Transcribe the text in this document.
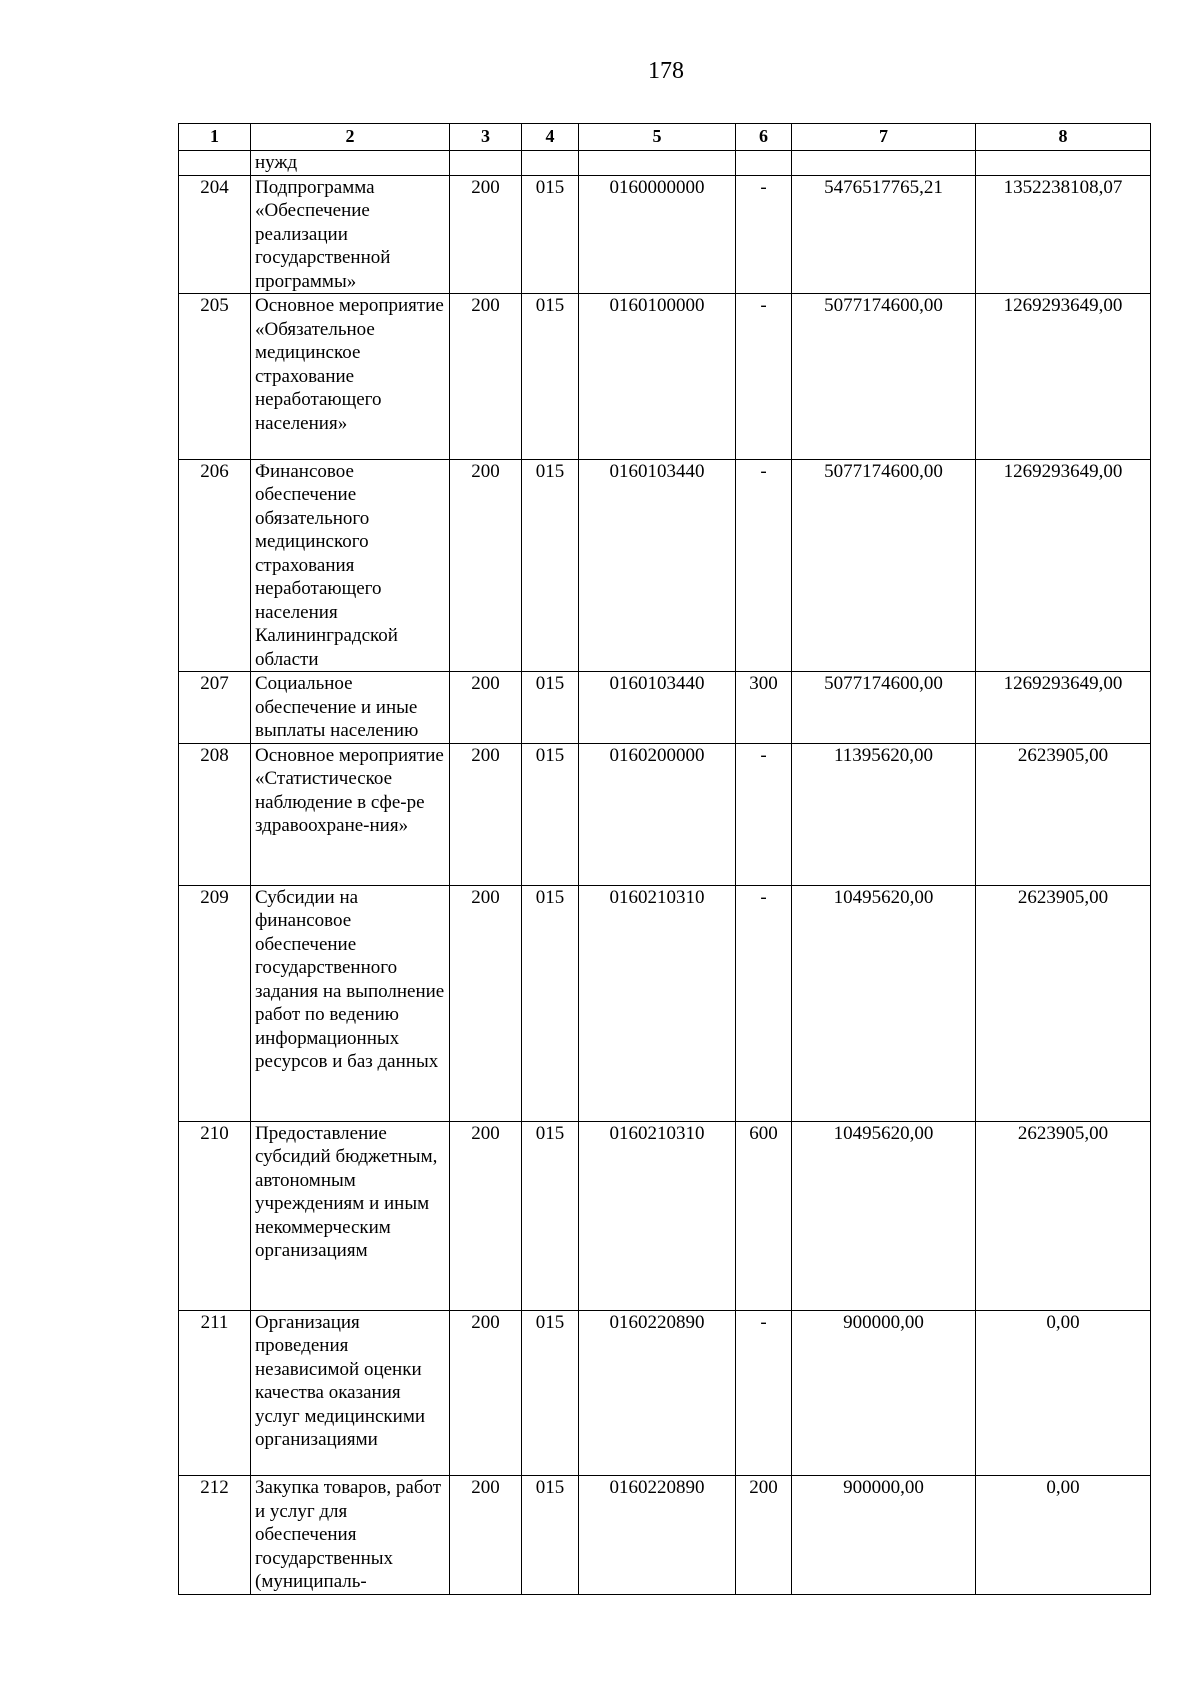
178
1	2	3	4	5	6	7	8
	нужд						
204	Подпрограмма «Обеспечение реализации государственной программы»	200	015	0160000000	-	5476517765,21	1352238108,07
205	Основное мероприятие «Обязательное медицинское страхование неработающего населения»	200	015	0160100000	-	5077174600,00	1269293649,00
206	Финансовое обеспечение обязательного медицинского страхования неработающего населения Калининградской области	200	015	0160103440	-	5077174600,00	1269293649,00
207	Социальное обеспечение и иные выплаты населению	200	015	0160103440	300	5077174600,00	1269293649,00
208	Основное мероприятие «Статистическое наблюдение в сфе-ре здравоохране-ния»	200	015	0160200000	-	11395620,00	2623905,00
209	Субсидии на финансовое обеспечение государственного задания на выполнение работ по ведению информационных ресурсов и баз данных	200	015	0160210310	-	10495620,00	2623905,00
210	Предоставление субсидий бюджетным, автономным учреждениям и иным некоммерческим организациям	200	015	0160210310	600	10495620,00	2623905,00
211	Организация проведения независимой оценки качества оказания услуг медицинскими организациями	200	015	0160220890	-	900000,00	0,00
212	Закупка товаров, работ и услуг для обеспечения государственных (муниципаль-	200	015	0160220890	200	900000,00	0,00
